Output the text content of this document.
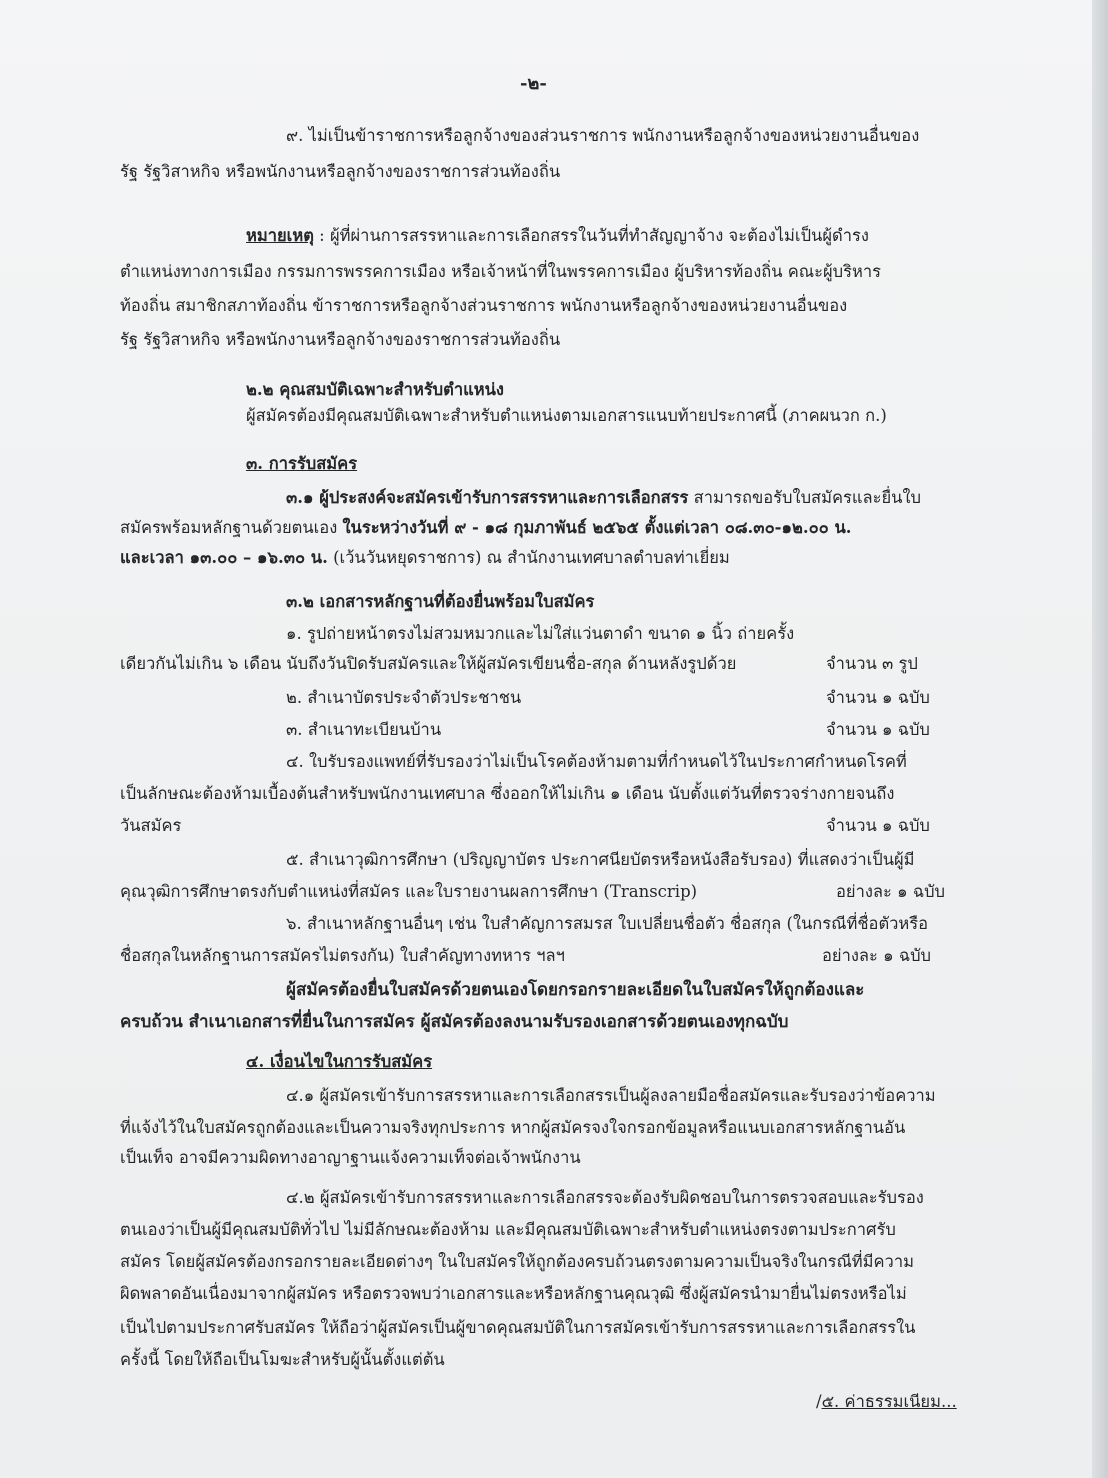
-๒-
๙. ไม่เป็นข้าราชการหรือลูกจ้างของส่วนราชการ พนักงานหรือลูกจ้างของหน่วยงานอื่นของ
รัฐ รัฐวิสาหกิจ หรือพนักงานหรือลูกจ้างของราชการส่วนท้องถิ่น
หมายเหตุ : ผู้ที่ผ่านการสรรหาและการเลือกสรรในวันที่ทำสัญญาจ้าง จะต้องไม่เป็นผู้ดำรง
ตำแหน่งทางการเมือง กรรมการพรรคการเมือง หรือเจ้าหน้าที่ในพรรคการเมือง ผู้บริหารท้องถิ่น คณะผู้บริหาร
ท้องถิ่น สมาชิกสภาท้องถิ่น ข้าราชการหรือลูกจ้างส่วนราชการ พนักงานหรือลูกจ้างของหน่วยงานอื่นของ
รัฐ รัฐวิสาหกิจ หรือพนักงานหรือลูกจ้างของราชการส่วนท้องถิ่น
๒.๒ คุณสมบัติเฉพาะสำหรับตำแหน่ง
ผู้สมัครต้องมีคุณสมบัติเฉพาะสำหรับตำแหน่งตามเอกสารแนบท้ายประกาศนี้ (ภาคผนวก ก.)
๓. การรับสมัคร
๓.๑ ผู้ประสงค์จะสมัครเข้ารับการสรรหาและการเลือกสรร สามารถขอรับใบสมัครและยื่นใบ
สมัครพร้อมหลักฐานด้วยตนเอง ในระหว่างวันที่ ๙ - ๑๘ กุมภาพันธ์ ๒๕๖๕ ตั้งแต่เวลา ๐๘.๓๐-๑๒.๐๐ น.
และเวลา ๑๓.๐๐ – ๑๖.๓๐ น. (เว้นวันหยุดราชการ) ณ สำนักงานเทศบาลตำบลท่าเยี่ยม
๓.๒ เอกสารหลักฐานที่ต้องยื่นพร้อมใบสมัคร
๑. รูปถ่ายหน้าตรงไม่สวมหมวกและไม่ใส่แว่นตาดำ ขนาด ๑ นิ้ว ถ่ายครั้ง
เดียวกันไม่เกิน ๖ เดือน นับถึงวันปิดรับสมัครและให้ผู้สมัครเขียนชื่อ-สกุล ด้านหลังรูปด้วย	จำนวน ๓ รูป
๒. สำเนาบัตรประจำตัวประชาชน	จำนวน ๑ ฉบับ
๓. สำเนาทะเบียนบ้าน	จำนวน ๑ ฉบับ
๔. ใบรับรองแพทย์ที่รับรองว่าไม่เป็นโรคต้องห้ามตามที่กำหนดไว้ในประกาศกำหนดโรคที่
เป็นลักษณะต้องห้ามเบื้องต้นสำหรับพนักงานเทศบาล ซึ่งออกให้ไม่เกิน ๑ เดือน นับตั้งแต่วันที่ตรวจร่างกายจนถึง
วันสมัคร	จำนวน ๑ ฉบับ
๕. สำเนาวุฒิการศึกษา (ปริญญาบัตร ประกาศนียบัตรหรือหนังสือรับรอง) ที่แสดงว่าเป็นผู้มี
คุณวุฒิการศึกษาตรงกับตำแหน่งที่สมัคร และใบรายงานผลการศึกษา (Transcrip)	อย่างละ ๑ ฉบับ
๖. สำเนาหลักฐานอื่นๆ เช่น ใบสำคัญการสมรส ใบเปลี่ยนชื่อตัว ชื่อสกุล (ในกรณีที่ชื่อตัวหรือ
ชื่อสกุลในหลักฐานการสมัครไม่ตรงกัน) ใบสำคัญทางทหาร ฯลฯ	อย่างละ ๑ ฉบับ
ผู้สมัครต้องยื่นใบสมัครด้วยตนเองโดยกรอกรายละเอียดในใบสมัครให้ถูกต้องและ
ครบถ้วน สำเนาเอกสารที่ยื่นในการสมัคร ผู้สมัครต้องลงนามรับรองเอกสารด้วยตนเองทุกฉบับ
๔. เงื่อนไขในการรับสมัคร
๔.๑ ผู้สมัครเข้ารับการสรรหาและการเลือกสรรเป็นผู้ลงลายมือชื่อสมัครและรับรองว่าข้อความ
ที่แจ้งไว้ในใบสมัครถูกต้องและเป็นความจริงทุกประการ หากผู้สมัครจงใจกรอกข้อมูลหรือแนบเอกสารหลักฐานอัน
เป็นเท็จ อาจมีความผิดทางอาญาฐานแจ้งความเท็จต่อเจ้าพนักงาน
๔.๒ ผู้สมัครเข้ารับการสรรหาและการเลือกสรรจะต้องรับผิดชอบในการตรวจสอบและรับรอง
ตนเองว่าเป็นผู้มีคุณสมบัติทั่วไป ไม่มีลักษณะต้องห้าม และมีคุณสมบัติเฉพาะสำหรับตำแหน่งตรงตามประกาศรับ
สมัคร โดยผู้สมัครต้องกรอกรายละเอียดต่างๆ ในใบสมัครให้ถูกต้องครบถ้วนตรงตามความเป็นจริงในกรณีที่มีความ
ผิดพลาดอันเนื่องมาจากผู้สมัคร หรือตรวจพบว่าเอกสารและหรือหลักฐานคุณวุฒิ ซึ่งผู้สมัครนำมายื่นไม่ตรงหรือไม่
เป็นไปตามประกาศรับสมัคร ให้ถือว่าผู้สมัครเป็นผู้ขาดคุณสมบัติในการสมัครเข้ารับการสรรหาและการเลือกสรรใน
ครั้งนี้ โดยให้ถือเป็นโมฆะสำหรับผู้นั้นตั้งแต่ต้น
/๕. ค่าธรรมเนียม...
